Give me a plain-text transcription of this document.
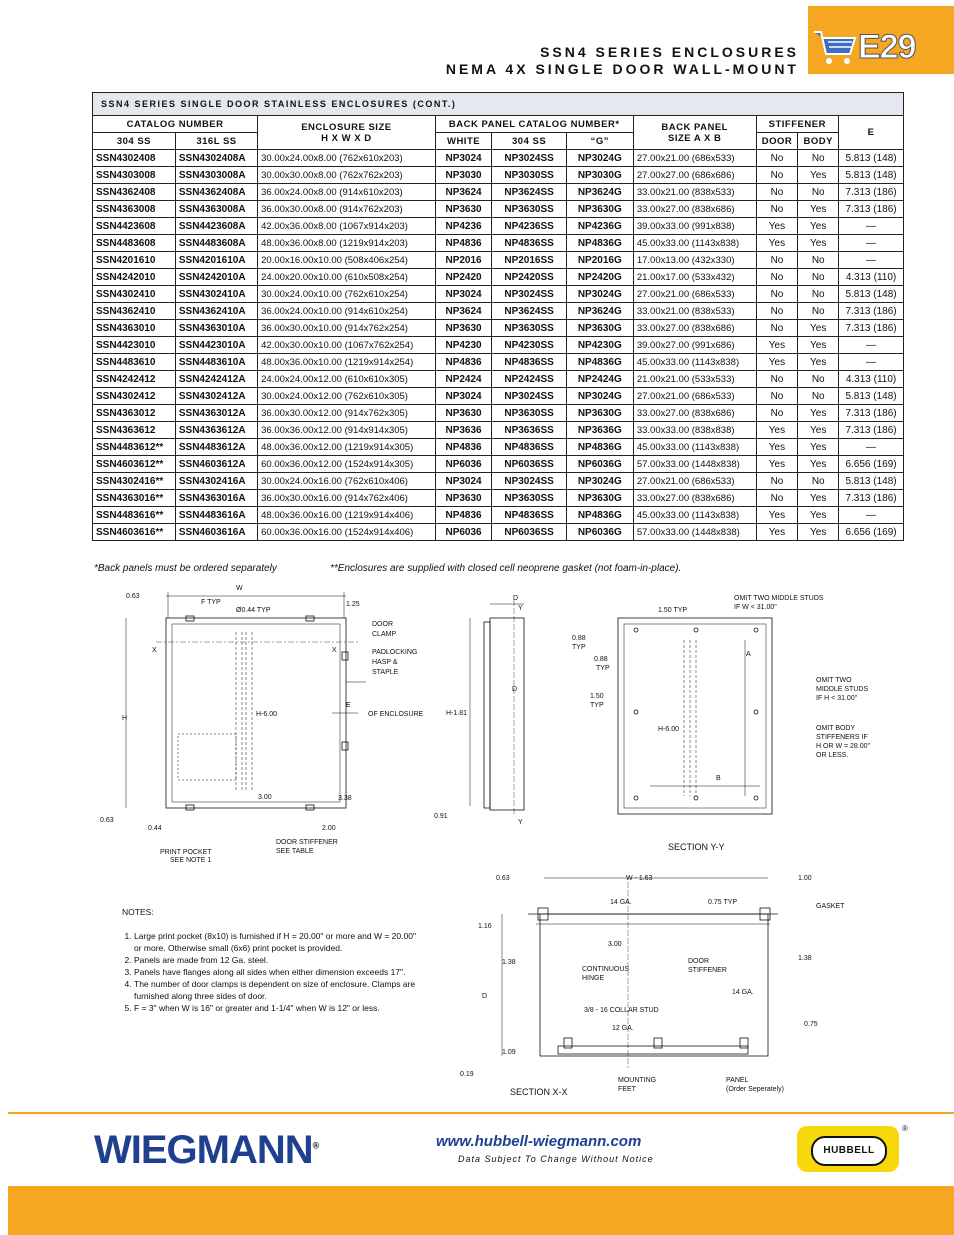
E29
SSN4 SERIES ENCLOSURES
NEMA 4X SINGLE DOOR WALL-MOUNT
SSN4 SERIES SINGLE DOOR STAINLESS ENCLOSURES (CONT.)									
CATALOG NUMBER		ENCLOSURE SIZE
H X W X D	BACK PANEL CATALOG NUMBER*			BACK PANEL
SIZE A X B	STIFFENER		E
304 SS	316L SS		WHITE	304 SS	“G”		DOOR	BODY	
SSN4302408	SSN4302408A	30.00x24.00x8.00 (762x610x203)	NP3024	NP3024SS	NP3024G	27.00x21.00 (686x533)	No	No	5.813 (148)
SSN4303008	SSN4303008A	30.00x30.00x8.00 (762x762x203)	NP3030	NP3030SS	NP3030G	27.00x27.00 (686x686)	No	Yes	5.813 (148)
SSN4362408	SSN4362408A	36.00x24.00x8.00 (914x610x203)	NP3624	NP3624SS	NP3624G	33.00x21.00 (838x533)	No	No	7.313 (186)
SSN4363008	SSN4363008A	36.00x30.00x8.00 (914x762x203)	NP3630	NP3630SS	NP3630G	33.00x27.00 (838x686)	No	Yes	7.313 (186)
SSN4423608	SSN4423608A	42.00x36.00x8.00 (1067x914x203)	NP4236	NP4236SS	NP4236G	39.00x33.00 (991x838)	Yes	Yes	—
SSN4483608	SSN4483608A	48.00x36.00x8.00 (1219x914x203)	NP4836	NP4836SS	NP4836G	45.00x33.00 (1143x838)	Yes	Yes	—
SSN4201610	SSN4201610A	20.00x16.00x10.00 (508x406x254)	NP2016	NP2016SS	NP2016G	17.00x13.00 (432x330)	No	No	—
SSN4242010	SSN4242010A	24.00x20.00x10.00 (610x508x254)	NP2420	NP2420SS	NP2420G	21.00x17.00 (533x432)	No	No	4.313 (110)
SSN4302410	SSN4302410A	30.00x24.00x10.00 (762x610x254)	NP3024	NP3024SS	NP3024G	27.00x21.00 (686x533)	No	No	5.813 (148)
SSN4362410	SSN4362410A	36.00x24.00x10.00 (914x610x254)	NP3624	NP3624SS	NP3624G	33.00x21.00 (838x533)	No	No	7.313 (186)
SSN4363010	SSN4363010A	36.00x30.00x10.00 (914x762x254)	NP3630	NP3630SS	NP3630G	33.00x27.00 (838x686)	No	Yes	7.313 (186)
SSN4423010	SSN4423010A	42.00x30.00x10.00 (1067x762x254)	NP4230	NP4230SS	NP4230G	39.00x27.00 (991x686)	Yes	Yes	—
SSN4483610	SSN4483610A	48.00x36.00x10.00 (1219x914x254)	NP4836	NP4836SS	NP4836G	45.00x33.00 (1143x838)	Yes	Yes	—
SSN4242412	SSN4242412A	24.00x24.00x12.00 (610x610x305)	NP2424	NP2424SS	NP2424G	21.00x21.00 (533x533)	No	No	4.313 (110)
SSN4302412	SSN4302412A	30.00x24.00x12.00 (762x610x305)	NP3024	NP3024SS	NP3024G	27.00x21.00 (686x533)	No	No	5.813 (148)
SSN4363012	SSN4363012A	36.00x30.00x12.00 (914x762x305)	NP3630	NP3630SS	NP3630G	33.00x27.00 (838x686)	No	Yes	7.313 (186)
SSN4363612	SSN4363612A	36.00x36.00x12.00 (914x914x305)	NP3636	NP3636SS	NP3636G	33.00x33.00 (838x838)	Yes	Yes	7.313 (186)
SSN4483612**	SSN4483612A	48.00x36.00x12.00 (1219x914x305)	NP4836	NP4836SS	NP4836G	45.00x33.00 (1143x838)	Yes	Yes	—
SSN4603612**	SSN4603612A	60.00x36.00x12.00 (1524x914x305)	NP6036	NP6036SS	NP6036G	57.00x33.00 (1448x838)	Yes	Yes	6.656 (169)
SSN4302416**	SSN4302416A	30.00x24.00x16.00 (762x610x406)	NP3024	NP3024SS	NP3024G	27.00x21.00 (686x533)	No	No	5.813 (148)
SSN4363016**	SSN4363016A	36.00x30.00x16.00 (914x762x406)	NP3630	NP3630SS	NP3630G	33.00x27.00 (838x686)	No	Yes	7.313 (186)
SSN4483616**	SSN4483616A	48.00x36.00x16.00 (1219x914x406)	NP4836	NP4836SS	NP4836G	45.00x33.00 (1143x838)	Yes	Yes	—
SSN4603616**	SSN4603616A	60.00x36.00x16.00 (1524x914x406)	NP6036	NP6036SS	NP6036G	57.00x33.00 (1448x838)	Yes	Yes	6.656 (169)
*Back panels must be ordered separately	**Enclosures are supplied with closed cell neoprene gasket (not foam-in-place).
0.63
W
F TYP
Ø0.44 TYP
1.25
DOOR
CLAMP
PADLOCKING
HASP &
STAPLE
X	X
H
H-6.00
E
OF ENCLOSURE
3.00	3.38
0.63
0.44	2.00
PRINT POCKET
SEE NOTE 1
DOOR STIFFENER
SEE TABLE
D
Y
D
H-1.81
0.91
Y
1.50 TYP
OMIT TWO MIDDLE STUDS
IF W < 31.00"
0.88
TYP
0.88
TYP
1.50
TYP
A
H-6.00
B
OMIT TWO
MIDDLE STUDS
IF H < 31.00"
OMIT BODY
STIFFENERS IF
H OR W = 28.00"
OR LESS.
SECTION Y-Y
0.63	W - 1.63	1.00
14 GA.	0.75 TYP
GASKET
1.16
3.00
1.38
1.38
CONTINUOUS
HINGE
DOOR
STIFFENER
14 GA.
D
3/8 - 16 COLLAR STUD
12 GA.
0.75
1.09
0.19
MOUNTING
FEET
PANEL
(Order Seperately)
SECTION X-X
NOTES:
1. Large print pocket (8x10) is furnished if H = 20.00" or more and W = 20.00" or more. Otherwise small (6x6) print pocket is provided.
2. Panels are made from 12 Ga. steel.
3. Panels have flanges along all sides when either dimension exceeds 17".
4. The number of door clamps is dependent on size of enclosure. Clamps are furnished along three sides of door.
5. F = 3" when W is 16" or greater and 1-1/4" when W is 12" or less.
WIEGMANN®	www.hubbell-wiegmann.com
Data Subject To Change Without Notice
HUBBELL
®
